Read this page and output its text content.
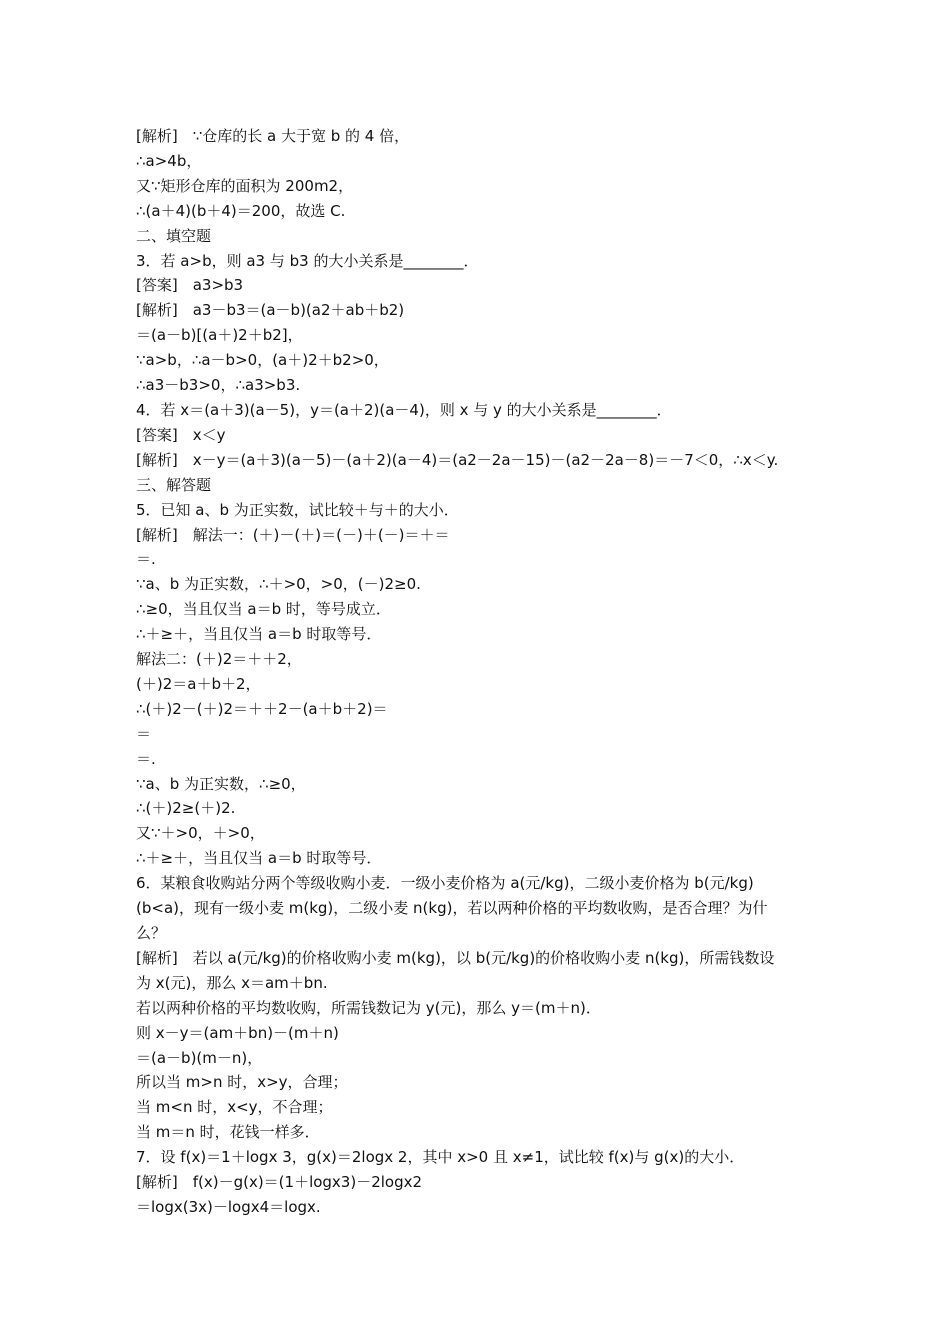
[解析]　∵仓库的长 a 大于宽 b 的 4 倍，

∴a>4b，

又∵矩形仓库的面积为 200m2，

∴(a＋4)(b＋4)＝200，故选 C.

二、填空题

3．若 a>b，则 a3 与 b3 的大小关系是________．

[答案]　a3>b3

[解析]　a3－b3＝(a－b)(a2＋ab＋b2)

＝(a－b)[(a＋)2＋b2]，

∵a>b，∴a－b>0，(a＋)2＋b2>0，

∴a3－b3>0，∴a3>b3.

4．若 x＝(a＋3)(a－5)，y＝(a＋2)(a－4)，则 x 与 y 的大小关系是________．

[答案]　x＜y

[解析]　x－y＝(a＋3)(a－5)－(a＋2)(a－4)＝(a2－2a－15)－(a2－2a－8)＝－7＜0，∴x＜y.

三、解答题

5．已知 a、b 为正实数，试比较＋与＋的大小．

[解析]　解法一：(＋)－(＋)＝(－)＋(－)＝＋＝

＝.

∵a、b 为正实数，∴＋>0，>0，(－)2≥0.

∴≥0，当且仅当 a＝b 时，等号成立．

∴＋≥＋，当且仅当 a＝b 时取等号．

解法二：(＋)2＝＋＋2，

(＋)2＝a＋b＋2，

∴(＋)2－(＋)2＝＋＋2－(a＋b＋2)＝

＝

＝.

∵a、b 为正实数，∴≥0，

∴(＋)2≥(＋)2.

又∵＋>0，＋>0，

∴＋≥＋，当且仅当 a＝b 时取等号．

6．某粮食收购站分两个等级收购小麦．一级小麦价格为 a(元/kg)，二级小麦价格为 b(元/kg)

(b<a)，现有一级小麦 m(kg)，二级小麦 n(kg)，若以两种价格的平均数收购，是否合理？为什

么？

[解析]　若以 a(元/kg)的价格收购小麦 m(kg)，以 b(元/kg)的价格收购小麦 n(kg)，所需钱数设

为 x(元)，那么 x＝am＋bn.

若以两种价格的平均数收购，所需钱数记为 y(元)，那么 y＝(m＋n)．

则 x－y＝(am＋bn)－(m＋n)

＝(a－b)(m－n)，

所以当 m>n 时，x>y，合理；

当 m<n 时，x<y，不合理；

当 m＝n 时，花钱一样多．

7．设 f(x)＝1＋logx 3，g(x)＝2logx 2，其中 x>0 且 x≠1，试比较 f(x)与 g(x)的大小．

[解析]　f(x)－g(x)＝(1＋logx3)－2logx2

＝logx(3x)－logx4＝logx.
